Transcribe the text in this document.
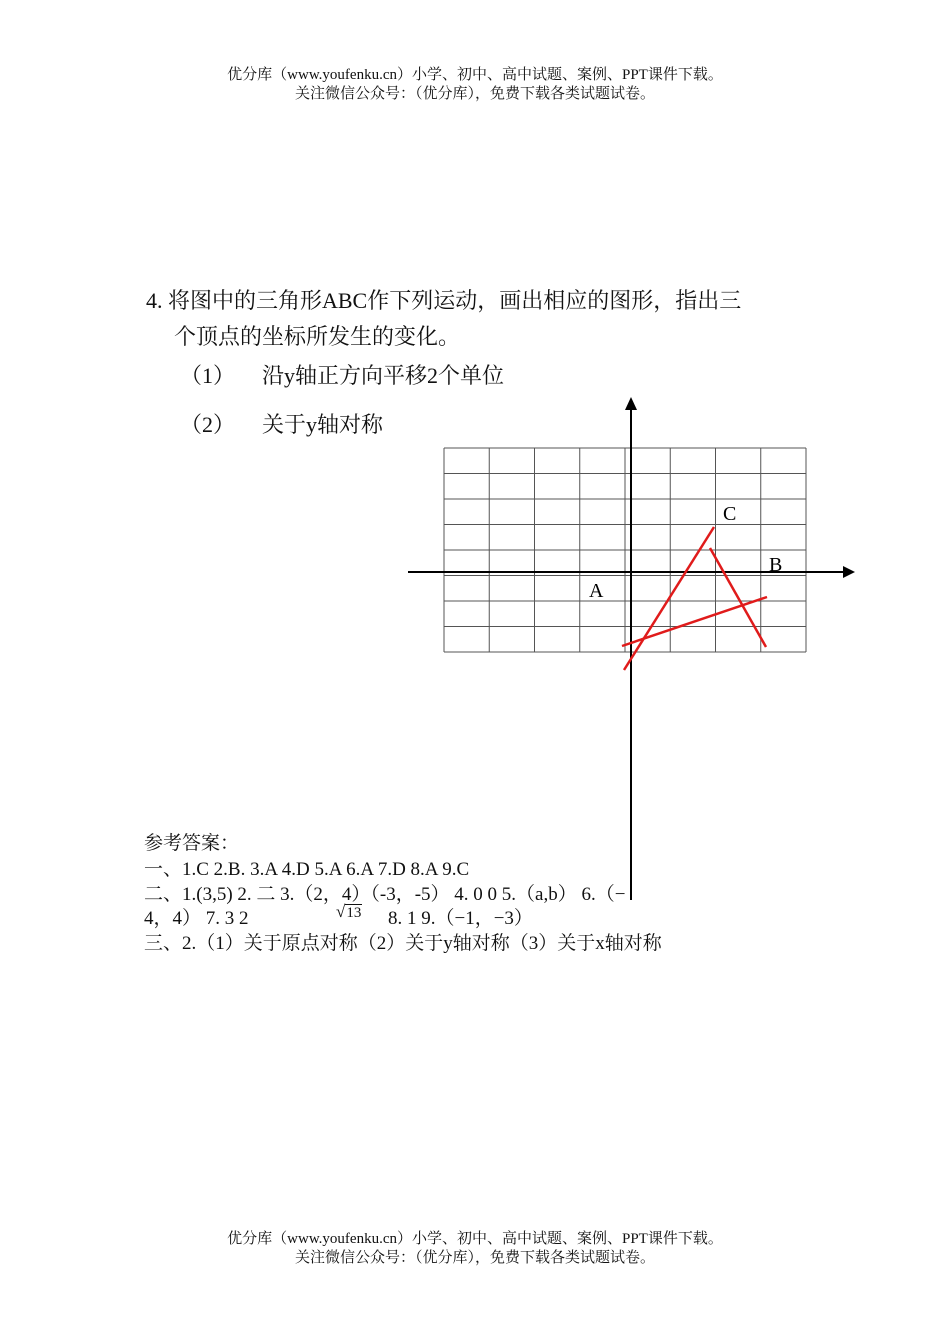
优分库（www.youfenku.cn）小学、初中、高中试题、案例、PPT课件下载。
关注微信公众号：（优分库），免费下载各类试题试卷。
4. 将图中的三角形ABC作下列运动，画出相应的图形，指出三
个顶点的坐标所发生的变化。
（1） 沿y轴正方向平移2个单位
（2） 关于y轴对称
C
B
A
参考答案：
一、1.C 2.B. 3.A 4.D 5.A 6.A 7.D 8.A 9.C
二、1.(3,5) 2. 二 3.（2，4）（-3，-5） 4. 0 0 5.（a,b） 6.（−
4，4） 7. 3 2	√13 8. 1 9.（−1，−3）
三、2.（1）关于原点对称（2）关于y轴对称（3）关于x轴对称
优分库（www.youfenku.cn）小学、初中、高中试题、案例、PPT课件下载。
关注微信公众号：（优分库），免费下载各类试题试卷。
